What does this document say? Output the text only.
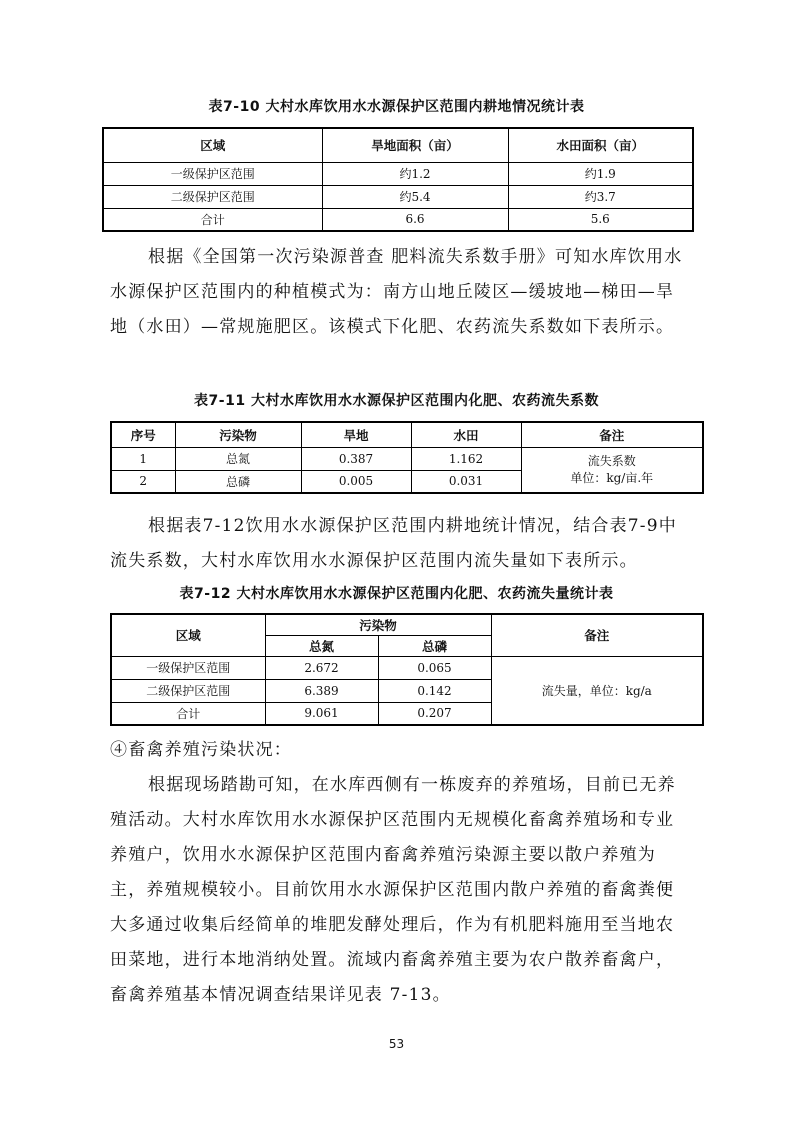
表7-10 大村水库饮用水水源保护区范围内耕地情况统计表
区域	旱地面积（亩）	水田面积（亩）
一级保护区范围	约1.2	约1.9
二级保护区范围	约5.4	约3.7
合计	6.6	5.6

根据《全国第一次污染源普查 肥料流失系数手册》可知水库饮用水水源保护区范围内的种植模式为：南方山地丘陵区—缓坡地—梯田—旱地（水田）—常规施肥区。该模式下化肥、农药流失系数如下表所示。

表7-11 大村水库饮用水水源保护区范围内化肥、农药流失系数
序号	污染物	旱地	水田	备注
1	总氮	0.387	1.162	流失系数
单位：kg/亩.年

2	总磷	0.005	0.031	

根据表7-12饮用水水源保护区范围内耕地统计情况，结合表7-9中流失系数，大村水库饮用水水源保护区范围内流失量如下表所示。

表7-12 大村水库饮用水水源保护区范围内化肥、农药流失量统计表
区域	污染物		备注
	总氮	总磷	
一级保护区范围	2.672	0.065	流失量，单位：kg/a
二级保护区范围	6.389	0.142	
合计	9.061	0.207	

④畜禽养殖污染状况：

根据现场踏勘可知，在水库西侧有一栋废弃的养殖场，目前已无养殖活动。大村水库饮用水水源保护区范围内无规模化畜禽养殖场和专业养殖户，饮用水水源保护区范围内畜禽养殖污染源主要以散户养殖为主，养殖规模较小。目前饮用水水源保护区范围内散户养殖的畜禽粪便大多通过收集后经简单的堆肥发酵处理后，作为有机肥料施用至当地农田菜地，进行本地消纳处置。流域内畜禽养殖主要为农户散养畜禽户，畜禽养殖基本情况调查结果详见表 7-13。

53
